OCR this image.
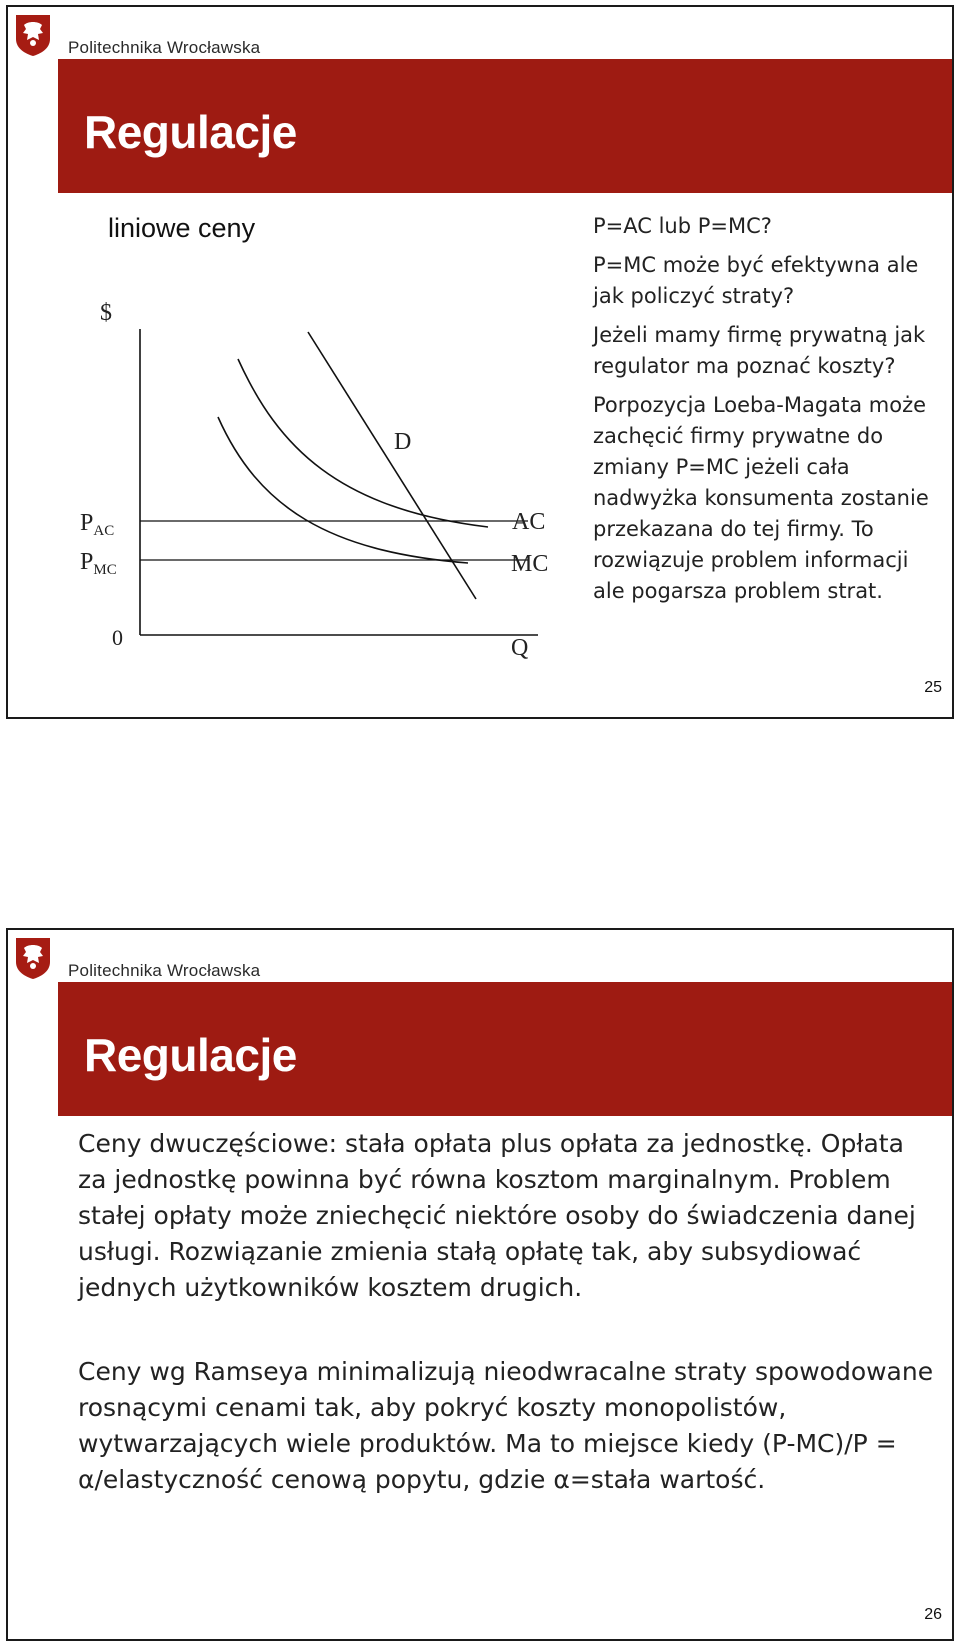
Politechnika Wrocławska
Regulacje
liniowe ceny
$
0
$P_{AC}$
$P_{MC}$
D
AC
MC
Q

P=AC lub P=MC?

P=MC może być efektywna ale jak policzyć straty?

Jeżeli mamy firmę prywatną jak regulator ma poznać koszty?

Porpozycja Loeba-Magata może zachęcić firmy prywatne do zmiany P=MC jeżeli cała nadwyżka konsumenta zostanie przekazana do tej firmy. To rozwiązuje problem informacji ale pogarsza problem strat.

25
Politechnika Wrocławska
Regulacje

Ceny dwuczęściowe: stała opłata plus opłata za jednostkę. Opłata za jednostkę powinna być równa kosztom marginalnym. Problem stałej opłaty może zniechęcić niektóre osoby do świadczenia danej usługi. Rozwiązanie zmienia stałą opłatę tak, aby subsydiować jednych użytkowników kosztem drugich.

Ceny wg Ramseya minimalizują nieodwracalne straty spowodowane rosnącymi cenami tak, aby pokryć koszty monopolistów, wytwarzających wiele produktów. Ma to miejsce kiedy (P-MC)/P = α/elastyczność cenową popytu, gdzie α=stała wartość.

26
